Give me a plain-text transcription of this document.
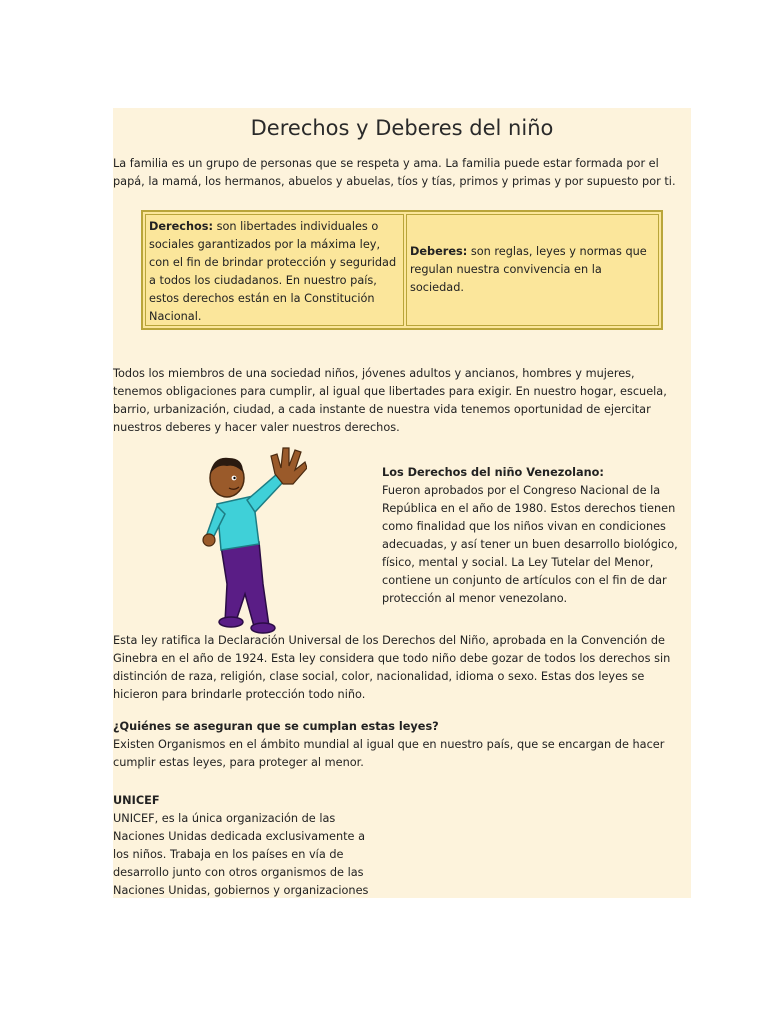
Derechos y Deberes del niño

La familia es un grupo de personas que se respeta y ama. La familia puede estar formada por el papá, la mamá, los hermanos, abuelos y abuelas, tíos y tías, primos y primas y por supuesto por ti.

Derechos: son libertades individuales o sociales garantizados por la máxima ley, con el fin de brindar protección y seguridad a todos los ciudadanos. En nuestro país, estos derechos están en la Constitución Nacional.
Deberes: son reglas, leyes y normas que regulan nuestra convivencia en la sociedad.

Todos los miembros de una sociedad niños, jóvenes adultos y ancianos, hombres y mujeres, tenemos obligaciones para cumplir, al igual que libertades para exigir. En nuestro hogar, escuela, barrio, urbanización, ciudad, a cada instante de nuestra vida tenemos oportunidad de ejercitar nuestros deberes y hacer valer nuestros derechos.

Los Derechos del niño Venezolano:
Fueron aprobados por el Congreso Nacional de la República en el año de 1980. Estos derechos tienen como finalidad que los niños vivan en condiciones adecuadas, y así tener un buen desarrollo biológico, físico, mental y social. La Ley Tutelar del Menor, contiene un conjunto de artículos con el fin de dar protección al menor venezolano.

Esta ley ratifica la Declaración Universal de los Derechos del Niño, aprobada en la Convención de Ginebra en el año de 1924. Esta ley considera que todo niño debe gozar de todos los derechos sin distinción de raza, religión, clase social, color, nacionalidad, idioma o sexo. Estas dos leyes se hicieron para brindarle protección todo niño.

¿Quiénes se aseguran que se cumplan estas leyes?
Existen Organismos en el ámbito mundial al igual que en nuestro país, que se encargan de hacer cumplir estas leyes, para proteger al menor.

UNICEF
UNICEF, es la única organización de las Naciones Unidas dedicada exclusivamente a los niños. Trabaja en los países en vía de desarrollo junto con otros organismos de las Naciones Unidas, gobiernos y organizaciones
